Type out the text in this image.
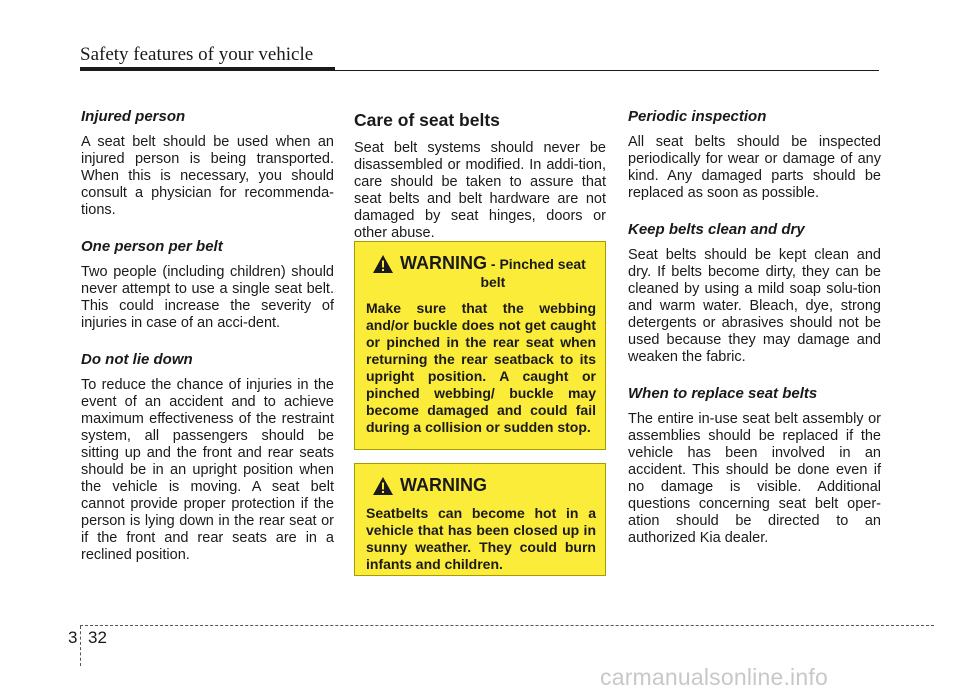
Safety features of your vehicle

Injured person

A seat belt should be used when an injured person is being transported. When this is necessary, you should consult a physician for recommenda-tions.

One person per belt

Two people (including children) should never attempt to use a single seat belt. This could increase the severity of injuries in case of an acci-dent.

Do not lie down

To reduce the chance of injuries in the event of an accident and to achieve maximum effectiveness of the restraint system, all passengers should be sitting up and the front and rear seats should be in an upright position when the vehicle is moving. A seat belt cannot provide proper protection if the person is lying down in the rear seat or if the front and rear seats are in a reclined position.

Care of seat belts

Seat belt systems should never be disassembled or modified. In addi-tion, care should be taken to assure that seat belts and belt hardware are not damaged by seat hinges, doors or other abuse.

WARNING - Pinched seat
belt
Make sure that the webbing and/or buckle does not get caught or pinched in the rear seat when returning the rear seatback to its upright position. A caught or pinched webbing/ buckle may become damaged and could fail during a collision or sudden stop.
WARNING
Seatbelts can become hot in a vehicle that has been closed up in sunny weather. They could burn infants and children.

Periodic inspection

All seat belts should be inspected periodically for wear or damage of any kind. Any damaged parts should be replaced as soon as possible.

Keep belts clean and dry

Seat belts should be kept clean and dry. If belts become dirty, they can be cleaned by using a mild soap solu-tion and warm water. Bleach, dye, strong detergents or abrasives should not be used because they may damage and weaken the fabric.

When to replace seat belts

The entire in-use seat belt assembly or assemblies should be replaced if the vehicle has been involved in an accident. This should be done even if no damage is visible. Additional questions concerning seat belt oper-ation should be directed to an authorized Kia dealer.

3 32
carmanualsonline.info
